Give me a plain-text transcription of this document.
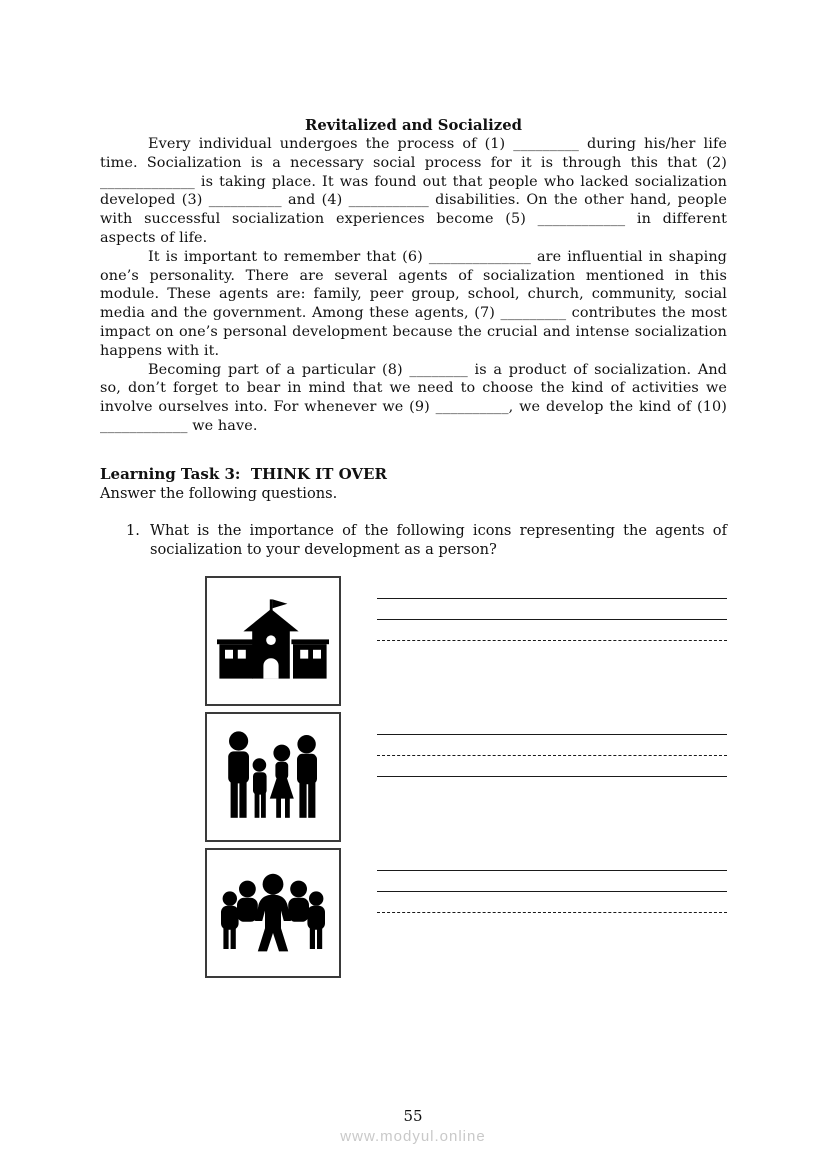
Revitalized and Socialized

Every individual undergoes the process of (1) _________ during his/her life time. Socialization is a necessary social process for it is through this that (2) _____________ is taking place. It was found out that people who lacked socialization developed (3) __________ and (4) ___________ disabilities. On the other hand, people with successful socialization experiences become (5) ____________ in different aspects of life.

It is important to remember that (6) ______________ are influential in shaping one’s personality. There are several agents of socialization mentioned in this module. These agents are: family, peer group, school, church, community, social media and the government. Among these agents, (7) _________ contributes the most impact on one’s personal development because the crucial and intense socialization happens with it.

Becoming part of a particular (8) ________ is a product of socialization. And so, don’t forget to bear in mind that we need to choose the kind of activities we involve ourselves into. For whenever we (9) __________, we develop the kind of (10) ____________ we have.

Learning Task 3:  THINK IT OVER

Answer the following questions.

1. What is the importance of the following icons representing the agents of socialization to your development as a person?
55
www.modyul.online
